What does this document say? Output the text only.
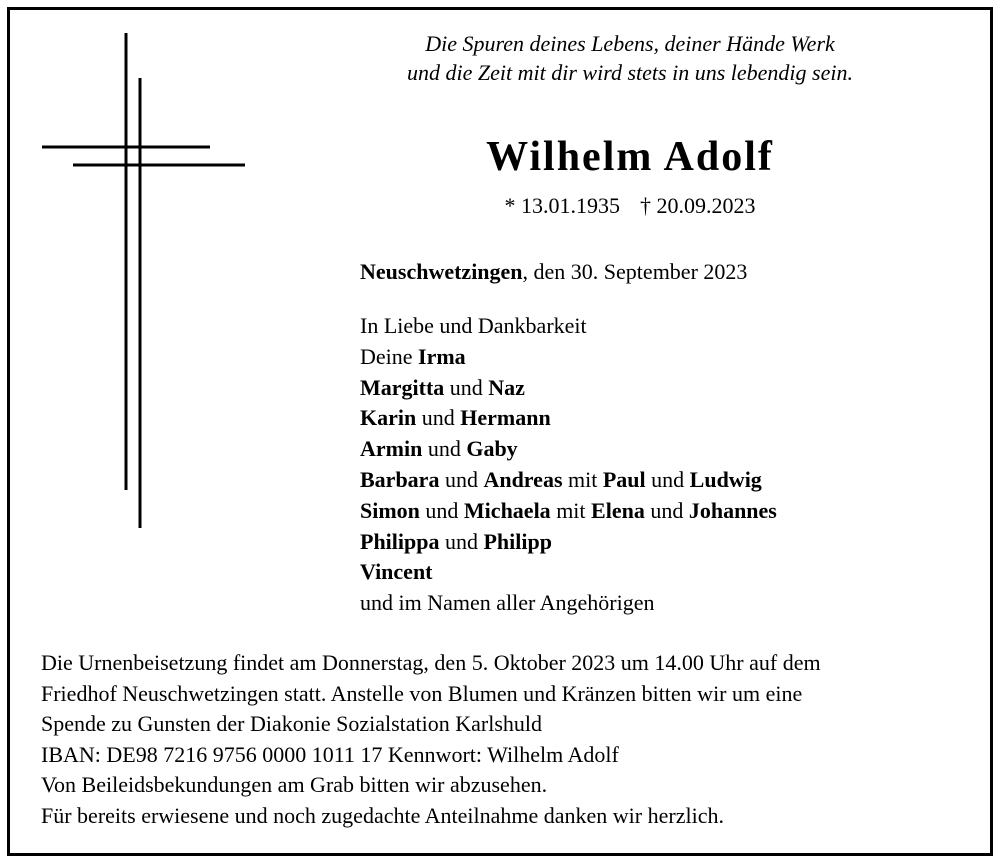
Die Spuren deines Lebens, deiner Hände Werk
und die Zeit mit dir wird stets in uns lebendig sein.
Wilhelm Adolf
* 13.01.1935 † 20.09.2023
Neuschwetzingen, den 30. September 2023
In Liebe und Dankbarkeit
Deine Irma
Margitta und Naz
Karin und Hermann
Armin und Gaby
Barbara und Andreas mit Paul und Ludwig
Simon und Michaela mit Elena und Johannes
Philippa und Philipp
Vincent
und im Namen aller Angehörigen
Die Urnenbeisetzung findet am Donnerstag, den 5. Oktober 2023 um 14.00 Uhr auf dem
Friedhof Neuschwetzingen statt. Anstelle von Blumen und Kränzen bitten wir um eine
Spende zu Gunsten der Diakonie Sozialstation Karlshuld
IBAN: DE98 7216 9756 0000 1011 17 Kennwort: Wilhelm Adolf
Von Beileidsbekundungen am Grab bitten wir abzusehen.
Für bereits erwiesene und noch zugedachte Anteilnahme danken wir herzlich.
